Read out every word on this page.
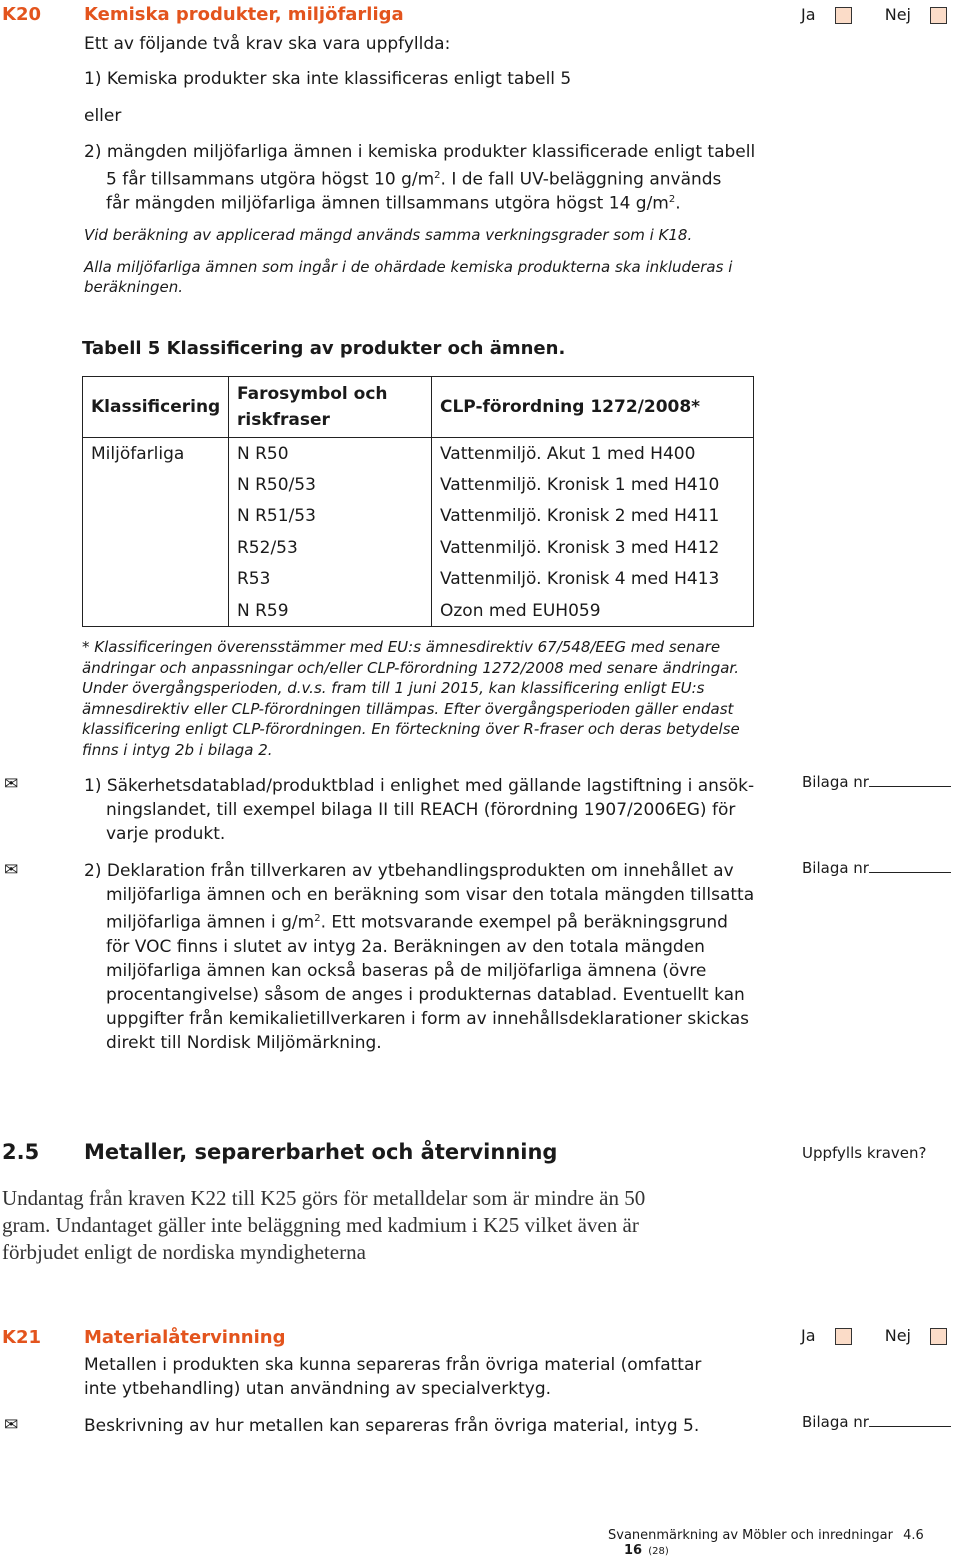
K20 Kemiska produkter, miljöfarliga	Ja	Nej
Ett av följande två krav ska vara uppfyllda:
1) Kemiska produkter ska inte klassificeras enligt tabell 5
eller
2) mängden miljöfarliga ämnen i kemiska produkter klassificerade enligt tabell
5 får tillsammans utgöra högst 10 $g/m^2$. I de fall UV-beläggning används
får mängden miljöfarliga ämnen tillsammans utgöra högst 14 $g/m^2$.
Vid beräkning av applicerad mängd används samma verkningsgrader som i K18.
Alla miljöfarliga ämnen som ingår i de ohärdade kemiska produkterna ska inkluderas i
beräkningen.
Tabell 5 Klassificering av produkter och ämnen.
Klassificering	Farosymbol och riskfraser	CLP-förordning 1272/2008*
Miljöfarliga	N R50	Vattenmiljö. Akut 1 med H400
	N R50/53	Vattenmiljö. Kronisk 1 med H410
	N R51/53	Vattenmiljö. Kronisk 2 med H411
	R52/53	Vattenmiljö. Kronisk 3 med H412
	R53	Vattenmiljö. Kronisk 4 med H413
	N R59	Ozon med EUH059
* Klassificeringen överensstämmer med EU:s ämnesdirektiv 67/548/EEG med senare
ändringar och anpassningar och/eller CLP-förordning 1272/2008 med senare ändringar.
Under övergångsperioden, d.v.s. fram till 1 juni 2015, kan klassificering enligt EU:s
ämnesdirektiv eller CLP-förordningen tillämpas. Efter övergångsperioden gäller endast
klassificering enligt CLP-förordningen. En förteckning över R-fraser och deras betydelse
finns i intyg 2b i bilaga 2.
✉	1) Säkerhetsdatablad/produktblad i enlighet med gällande lagstiftning i ansök-
ningslandet, till exempel bilaga II till REACH (förordning 1907/2006EG) för
varje produkt.
Bilaga nr
✉	2) Deklaration från tillverkaren av ytbehandlingsprodukten om innehållet av
miljöfarliga ämnen och en beräkning som visar den totala mängden tillsatta
miljöfarliga ämnen i $g/m^2$. Ett motsvarande exempel på beräkningsgrund
för VOC finns i slutet av intyg 2a. Beräkningen av den totala mängden
miljöfarliga ämnen kan också baseras på de miljöfarliga ämnena (övre
procentangivelse) såsom de anges i produkternas datablad. Eventuellt kan
uppgifter från kemikalietillverkaren i form av innehållsdeklarationer skickas
direkt till Nordisk Miljömärkning.
Bilaga nr
2.5 Metaller, separerbarhet och återvinning	Uppfylls kraven?
Undantag från kraven K22 till K25 görs för metalldelar som är mindre än 50
gram. Undantaget gäller inte beläggning med kadmium i K25 vilket även är
förbjudet enligt de nordiska myndigheterna
K21 Materialåtervinning	Ja	Nej
Metallen i produkten ska kunna separeras från övriga material (omfattar
inte ytbehandling) utan användning av specialverktyg.
✉	Beskrivning av hur metallen kan separeras från övriga material, intyg 5.	Bilaga nr
Svanenmärkning av Möbler och inredningar 4.6 16 (28)
